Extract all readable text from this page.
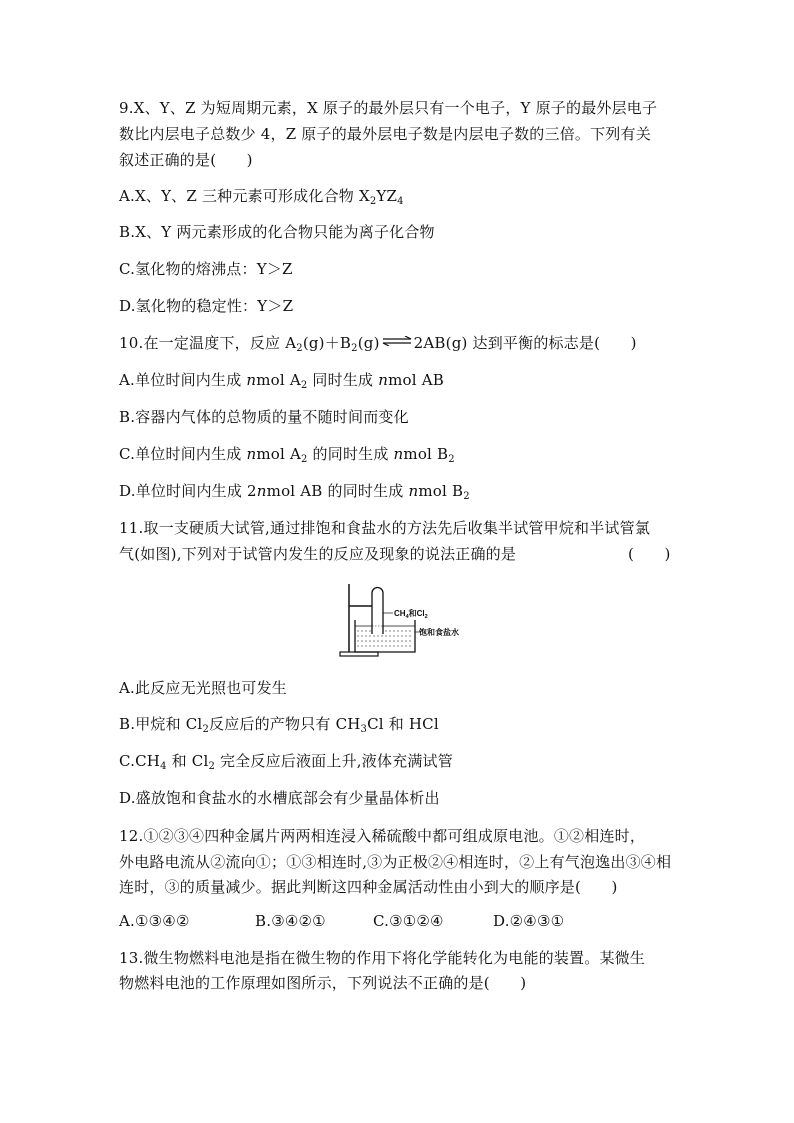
9.X、Y、Z 为短周期元素，X 原子的最外层只有一个电子，Y 原子的最外层电子
数比内层电子总数少 4，Z 原子的最外层电子数是内层电子数的三倍。下列有关
叙述正确的是(　　)
A.X、Y、Z 三种元素可形成化合物 $X_2YZ_4$
B.X、Y 两元素形成的化合物只能为离子化合物
C.氢化物的熔沸点：Y＞Z
D.氢化物的稳定性：Y＞Z
10.在一定温度下，反应 $A_2(g)+B_2(g)$ ⇌ 2AB(g) 达到平衡的标志是(　　)
A.单位时间内生成 nmol $A_2$ 同时生成 nmol AB
B.容器内气体的总物质的量不随时间而变化
C.单位时间内生成 nmol $A_2$ 的同时生成 nmol $B_2$
D.单位时间内生成 2nmol AB 的同时生成 nmol $B_2$
11.取一支硬质大试管,通过排饱和食盐水的方法先后收集半试管甲烷和半试管氯
气(如图),下列对于试管内发生的反应及现象的说法正确的是	(　　)
$CH_4$和$Cl_2$
饱和食盐水
A.此反应无光照也可发生
B.甲烷和 $Cl_2$反应后的产物只有 $CH_3Cl$ 和 HCl
$C.CH_4$ 和 $Cl_2$ 完全反应后液面上升,液体充满试管
D.盛放饱和食盐水的水槽底部会有少量晶体析出
12.①②③④四种金属片两两相连浸入稀硫酸中都可组成原电池。①②相连时，
外电路电流从②流向①；①③相连时,③为正极②④相连时，②上有气泡逸出③④相
连时，③的质量减少。据此判断这四种金属活动性由小到大的顺序是(　　)
A.①③④②	B.③④②①	C.③①②④	D.②④③①
13.微生物燃料电池是指在微生物的作用下将化学能转化为电能的装置。某微生
物燃料电池的工作原理如图所示，下列说法不正确的是(　　)
